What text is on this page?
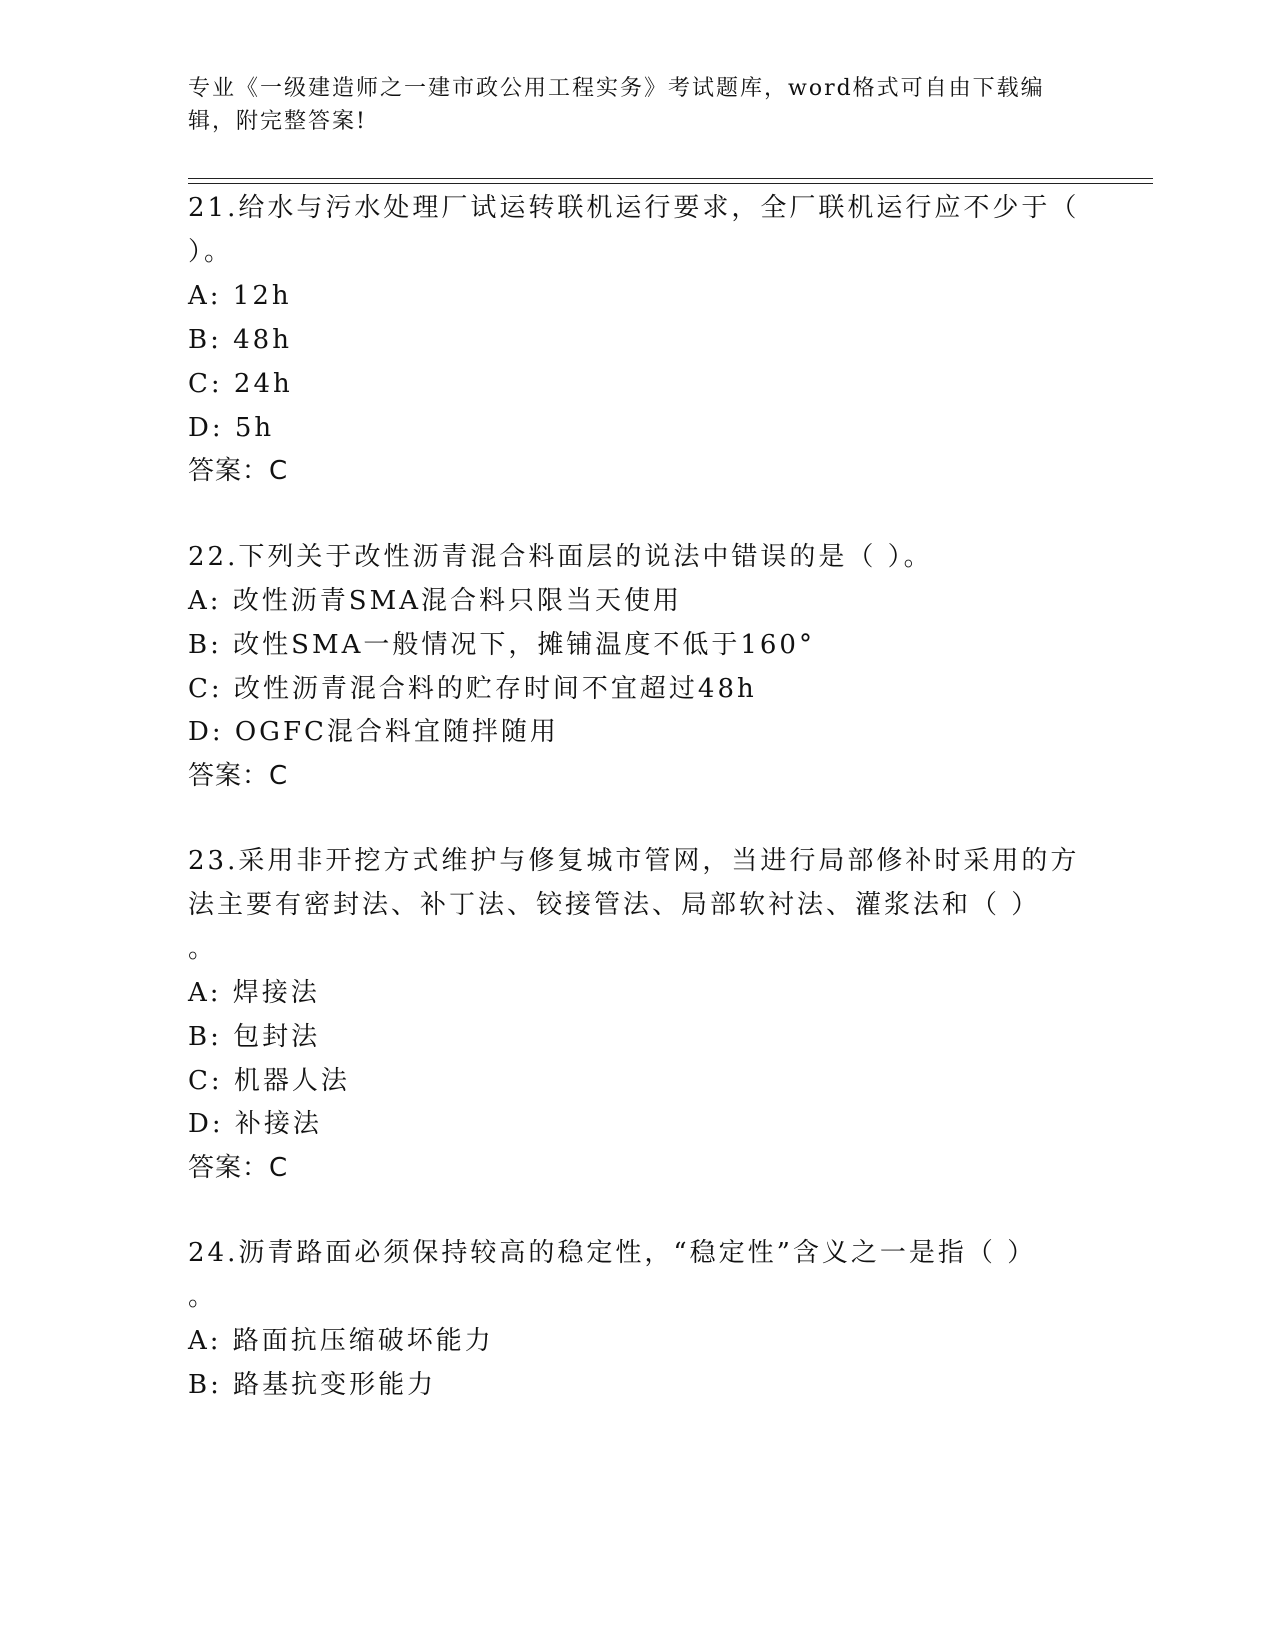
专业《一级建造师之一建市政公用工程实务》考试题库，word格式可自由下载编
辑，附完整答案!
21.给水与污水处理厂试运转联机运行要求，全厂联机运行应不少于（
）。
A: 12h
B: 48h
C: 24h
D: 5h
答案：C
22.下列关于改性沥青混合料面层的说法中错误的是（ ）。
A: 改性沥青SMA混合料只限当天使用
B: 改性SMA一般情况下，摊铺温度不低于160°
C: 改性沥青混合料的贮存时间不宜超过48h
D: OGFC混合料宜随拌随用
答案：C
23.采用非开挖方式维护与修复城市管网，当进行局部修补时采用的方
法主要有密封法、补丁法、铰接管法、局部软衬法、灌浆法和（ ）
。
A: 焊接法
B: 包封法
C: 机器人法
D: 补接法
答案：C
24.沥青路面必须保持较高的稳定性，“稳定性”含义之一是指（ ）
。
A: 路面抗压缩破坏能力
B: 路基抗变形能力
